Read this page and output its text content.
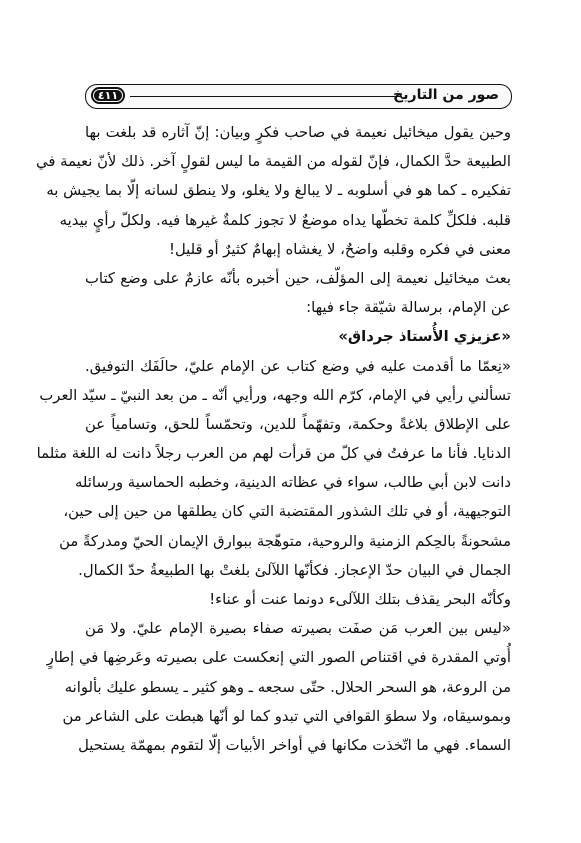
صور من التاريخ
٤١١
وحين يقول ميخائيل نعيمة في صاحب فكرٍ وبيان: إنّ آثاره قد بلغت بها
الطبيعة حدَّ الكمال، فإنّ لقوله من القيمة ما ليس لقولٍ آخر. ذلك لأنّ نعيمة في
تفكيره ـ كما هو في أسلوبه ـ لا يبالغ ولا يغلو، ولا ينطق لسانه إلّا بما يجيش به
قلبه. فلكلِّ كلمة تخطّها يداه موضعٌ لا تجوز كلمةٌ غيرها فيه. ولكلّ رأيٍ بيديه
معنى في فكره وقلبه واضحٌ، لا يغشاه إبهامٌ كثيرٌ أو قليل!
بعث ميخائيل نعيمة إلى المؤلّف، حين أخبره بأنّه عازمٌ على وضع كتاب
عن الإمام، برسالة شيّقة جاء فيها:
«عزيزي الأُستاذ جرداق»
«نِعمّا ما أقدمت عليه في وضع كتاب عن الإمام عليّ، حالَفَك التوفيق.
تسألني رأيي في الإمام، كرّم الله وجهه، ورأيي أنّه ـ من بعد النبيّ ـ سيّد العرب
على الإطلاق بلاغةً وحكمة، وتفهّماً للدين، وتحمّساً للحق، وتسامياً عن
الدنايا. فأنا ما عرفتُ في كلّ من قرأت لهم من العرب رجلاً دانت له اللغة مثلما
دانت لابن أبي طالب، سواء في عظاته الدينية، وخطبه الحماسية ورسائله
التوجيهية، أو في تلك الشذور المقتضبة التي كان يطلقها من حين إلى حين،
مشحونةً بالحِكم الزمنية والروحية، متوهّجة ببوارق الإيمان الحيّ ومدركةً من
الجمال في البيان حدّ الإعجاز. فكأنّها اللآلئ بلغتْ بها الطبيعةُ حدّ الكمال.
وكأنّه البحر يقذف بتلك اللآلىء دونما عنت أو عناء!
«ليس بين العرب مَن صفَت بصيرته صفاء بصيرة الإمام عليّ. ولا مَن
أُوتي المقدرة في اقتناص الصور التي إنعكست على بصيرته وعَرضِها في إطارٍ
من الروعة، هو السحر الحلال. حتّى سجعه ـ وهو كثير ـ يسطو عليك بألوانه
وبموسيقاه، ولا سطوَ القوافي التي تبدو كما لو أنّها هبطت على الشاعر من
السماء. فهي ما اتّخذت مكانها في أواخر الأبيات إلّا لتقوم بمهمّة يستحيل
